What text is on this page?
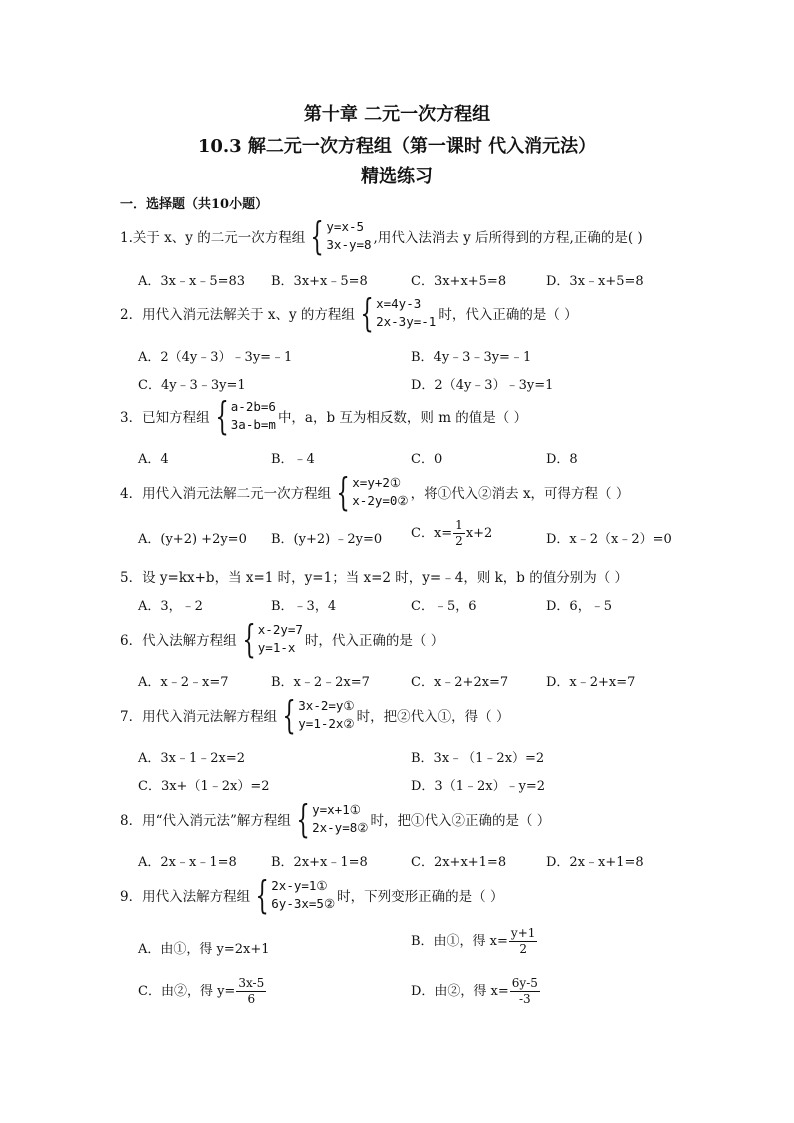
第十章 二元一次方程组
10.3 解二元一次方程组（第一课时 代入消元法）
精选练习
一．选择题（共10小题）
1.关于 x、y 的二元一次方程组 { y=x-5
3x-y=8 ,用代入法消去 y 后所得到的方程,正确的是( )
A．3x﹣x﹣5=83 B．3x+x﹣5=8	C．3x+x+5=8	D．3x﹣x+5=8
2．用代入消元法解关于 x、y 的方程组 { x=4y-3
2x-3y=-1 时，代入正确的是（ ）
A．2（4y﹣3）﹣3y=﹣1	B．4y﹣3﹣3y=﹣1
C．4y﹣3﹣3y=1	D．2（4y﹣3）﹣3y=1
3．已知方程组 { a-2b=6
3a-b=m 中，a，b 互为相反数，则 m 的值是（ ）
A．4	B．﹣4	C．0	D．8
4．用代入消元法解二元一次方程组 { x=y+2①
x-2y=0② ，将①代入②消去 x，可得方程（ ）
A．(y+2) +2y=0 B．(y+2) ﹣2y=0 C．$x= \frac{1}{2} x+2$	D．x﹣2（x﹣2）=0
5．设 y=kx+b，当 x=1 时，y=1；当 x=2 时，y=﹣4，则 k，b 的值分别为（ ）
A．3，﹣2	B．﹣3，4	C．﹣5，6	D．6，﹣5
6．代入法解方程组 { x-2y=7
y=1-x 时，代入正确的是（ ）
A．x﹣2﹣x=7	B．x﹣2﹣2x=7	C．x﹣2+2x=7	D．x﹣2+x=7
7．用代入消元法解方程组 { 3x-2=y①
y=1-2x② 时，把②代入①，得（ ）
A．3x﹣1﹣2x=2	B．3x﹣（1﹣2x）=2
C．3x+（1﹣2x）=2	D．3（1﹣2x）﹣y=2
8．用“代入消元法”解方程组 { y=x+1①
2x-y=8② 时，把①代入②正确的是（ ）
A．2x﹣x﹣1=8	B．2x+x﹣1=8	C．2x+x+1=8	D．2x﹣x+1=8
9．用代入法解方程组 { 2x-y=1①
6y-3x=5② 时，下列变形正确的是（ ）
A．由①，得 y=2x+1
B．由①，得 $x= \frac{y+1}{2}$
C．由②，得 $y= \frac{3x-5}{6}$	D．由②，得 $x= \frac{6y-5}{-3}$
